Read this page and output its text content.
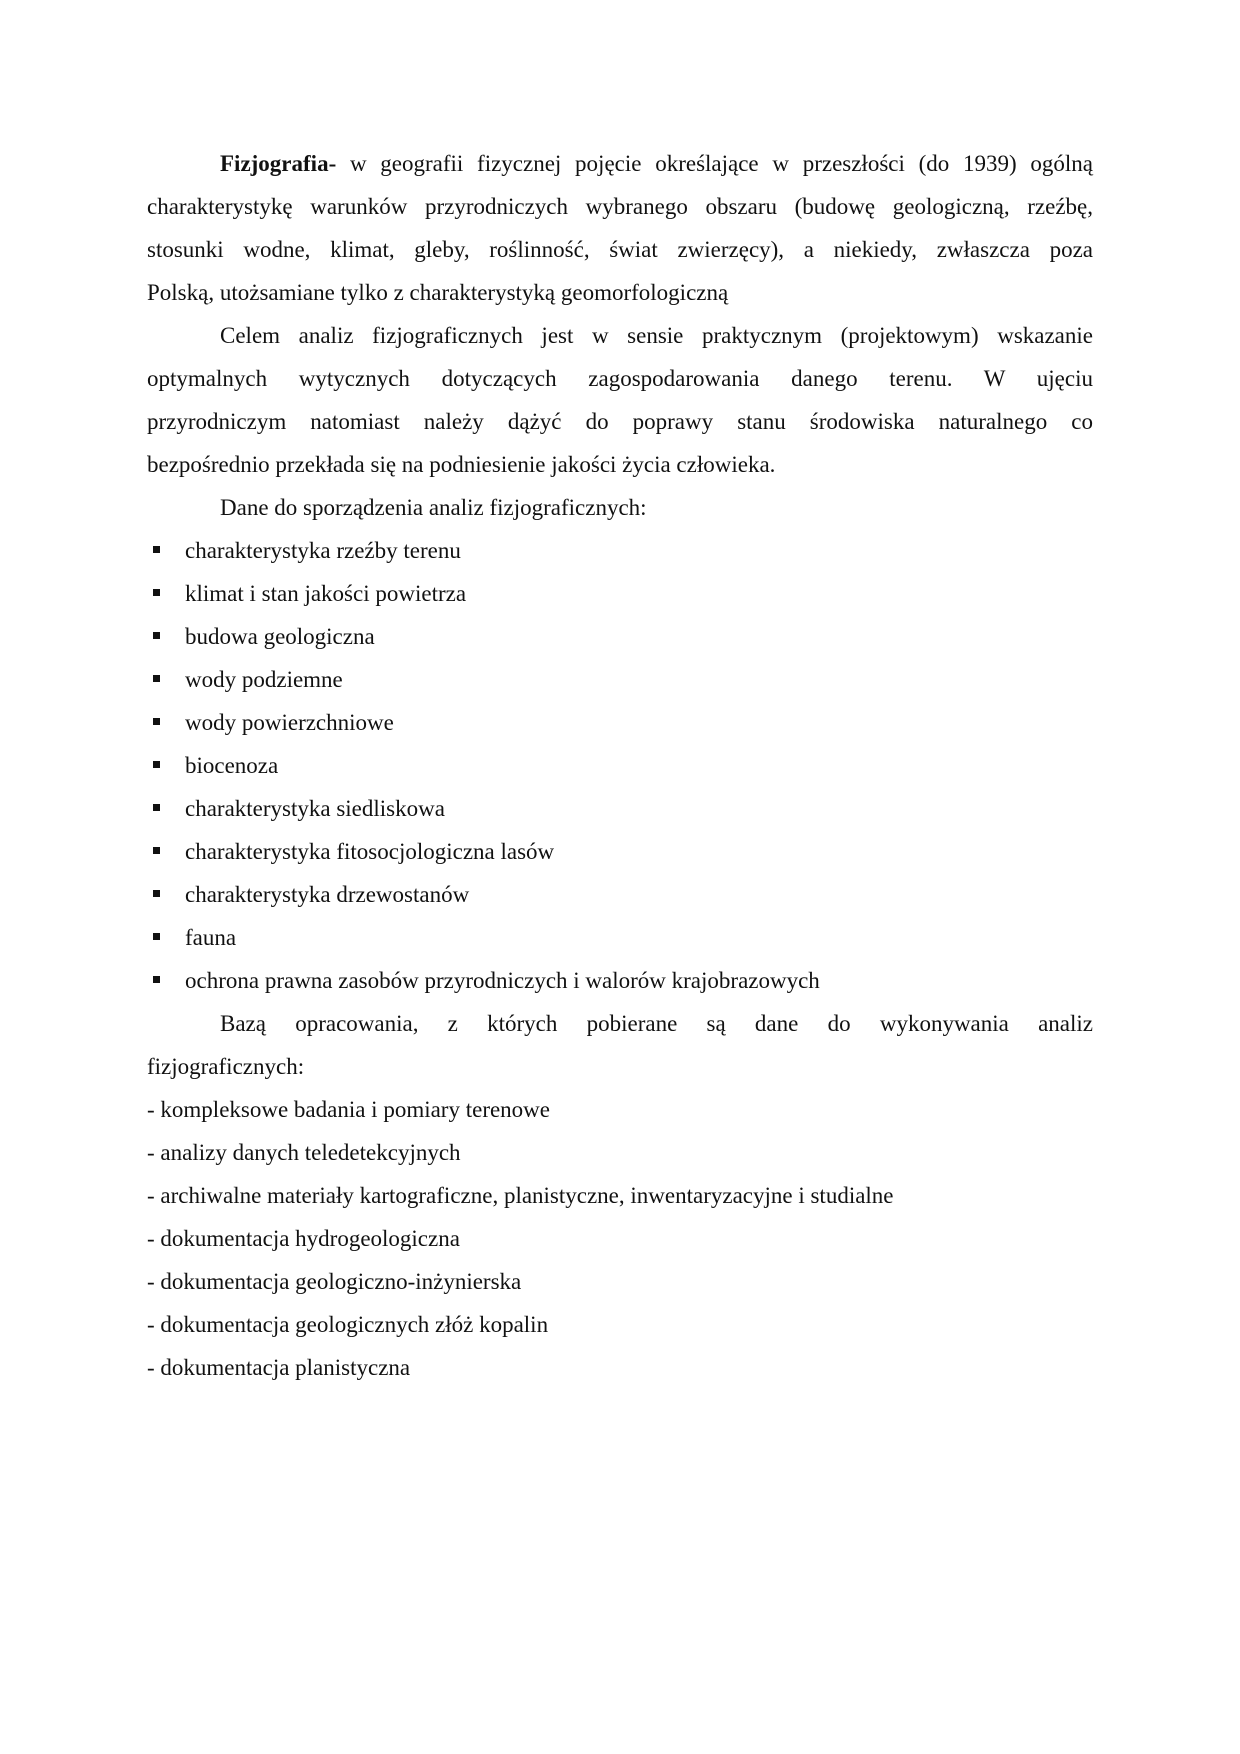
Fizjografia- w geografii fizycznej pojęcie określające w przeszłości (do 1939) ogólną
charakterystykę warunków przyrodniczych wybranego obszaru (budowę geologiczną, rzeźbę,
stosunki wodne, klimat, gleby, roślinność, świat zwierzęcy), a niekiedy, zwłaszcza poza
Polską, utożsamiane tylko z charakterystyką geomorfologiczną

Celem analiz fizjograficznych jest w sensie praktycznym (projektowym) wskazanie
optymalnych wytycznych dotyczących zagospodarowania danego terenu. W ujęciu
przyrodniczym natomiast należy dążyć do poprawy stanu środowiska naturalnego co
bezpośrednio przekłada się na podniesienie jakości życia człowieka.

Dane do sporządzenia analiz fizjograficznych:

charakterystyka rzeźby terenu
klimat i stan jakości powietrza
budowa geologiczna
wody podziemne
wody powierzchniowe
biocenoza
charakterystyka siedliskowa
charakterystyka fitosocjologiczna lasów
charakterystyka drzewostanów
fauna
ochrona prawna zasobów przyrodniczych i walorów krajobrazowych

Bazą opracowania, z których pobierane są dane do wykonywania analiz
fizjograficznych:

- kompleksowe badania i pomiary terenowe
- analizy danych teledetekcyjnych
- archiwalne materiały kartograficzne, planistyczne, inwentaryzacyjne i studialne
- dokumentacja hydrogeologiczna
- dokumentacja geologiczno-inżynierska
- dokumentacja geologicznych złóż kopalin
- dokumentacja planistyczna
